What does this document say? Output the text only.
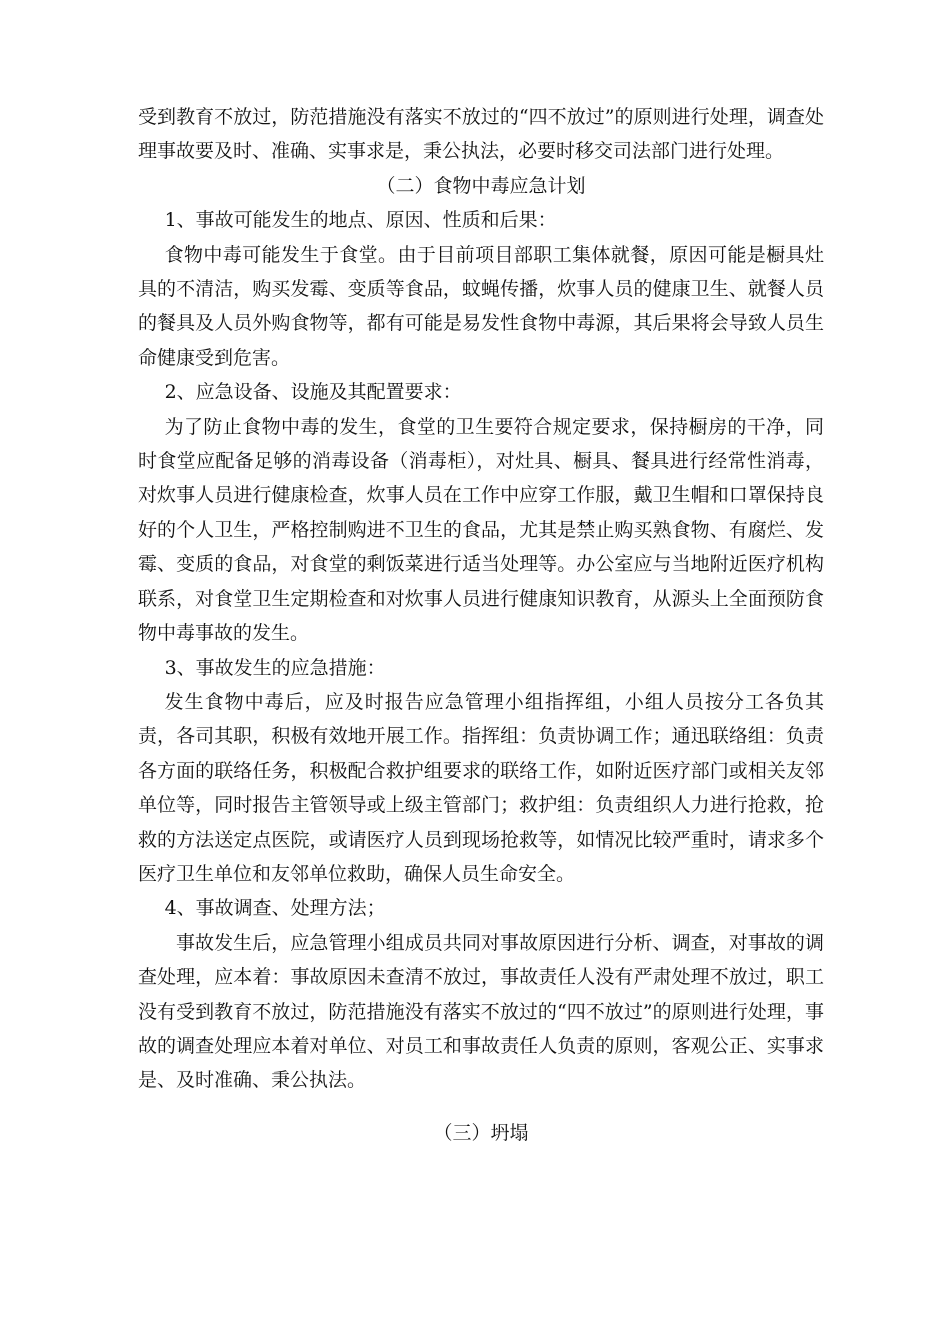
受到教育不放过，防范措施没有落实不放过的“四不放过”的原则进行处理，调查处理事故要及时、准确、实事求是，秉公执法，必要时移交司法部门进行处理。

（二）食物中毒应急计划

1、事故可能发生的地点、原因、性质和后果：

食物中毒可能发生于食堂。由于目前项目部职工集体就餐，原因可能是橱具灶具的不清洁，购买发霉、变质等食品，蚊蝇传播，炊事人员的健康卫生、就餐人员的餐具及人员外购食物等，都有可能是易发性食物中毒源，其后果将会导致人员生命健康受到危害。

2、应急设备、设施及其配置要求：

为了防止食物中毒的发生，食堂的卫生要符合规定要求，保持橱房的干净，同时食堂应配备足够的消毒设备（消毒柜），对灶具、橱具、餐具进行经常性消毒，对炊事人员进行健康检查，炊事人员在工作中应穿工作服，戴卫生帽和口罩保持良好的个人卫生，严格控制购进不卫生的食品，尤其是禁止购买熟食物、有腐烂、发霉、变质的食品，对食堂的剩饭菜进行适当处理等。办公室应与当地附近医疗机构联系，对食堂卫生定期检查和对炊事人员进行健康知识教育，从源头上全面预防食物中毒事故的发生。

3、事故发生的应急措施：

发生食物中毒后，应及时报告应急管理小组指挥组，小组人员按分工各负其责，各司其职，积极有效地开展工作。指挥组：负责协调工作；通迅联络组：负责各方面的联络任务，积极配合救护组要求的联络工作，如附近医疗部门或相关友邻单位等，同时报告主管领导或上级主管部门；救护组：负责组织人力进行抢救，抢救的方法送定点医院，或请医疗人员到现场抢救等，如情况比较严重时，请求多个医疗卫生单位和友邻单位救助，确保人员生命安全。

4、事故调查、处理方法；

事故发生后，应急管理小组成员共同对事故原因进行分析、调查，对事故的调查处理，应本着：事故原因未查清不放过，事故责任人没有严肃处理不放过，职工没有受到教育不放过，防范措施没有落实不放过的“四不放过”的原则进行处理，事故的调查处理应本着对单位、对员工和事故责任人负责的原则，客观公正、实事求是、及时准确、秉公执法。

（三）坍塌
